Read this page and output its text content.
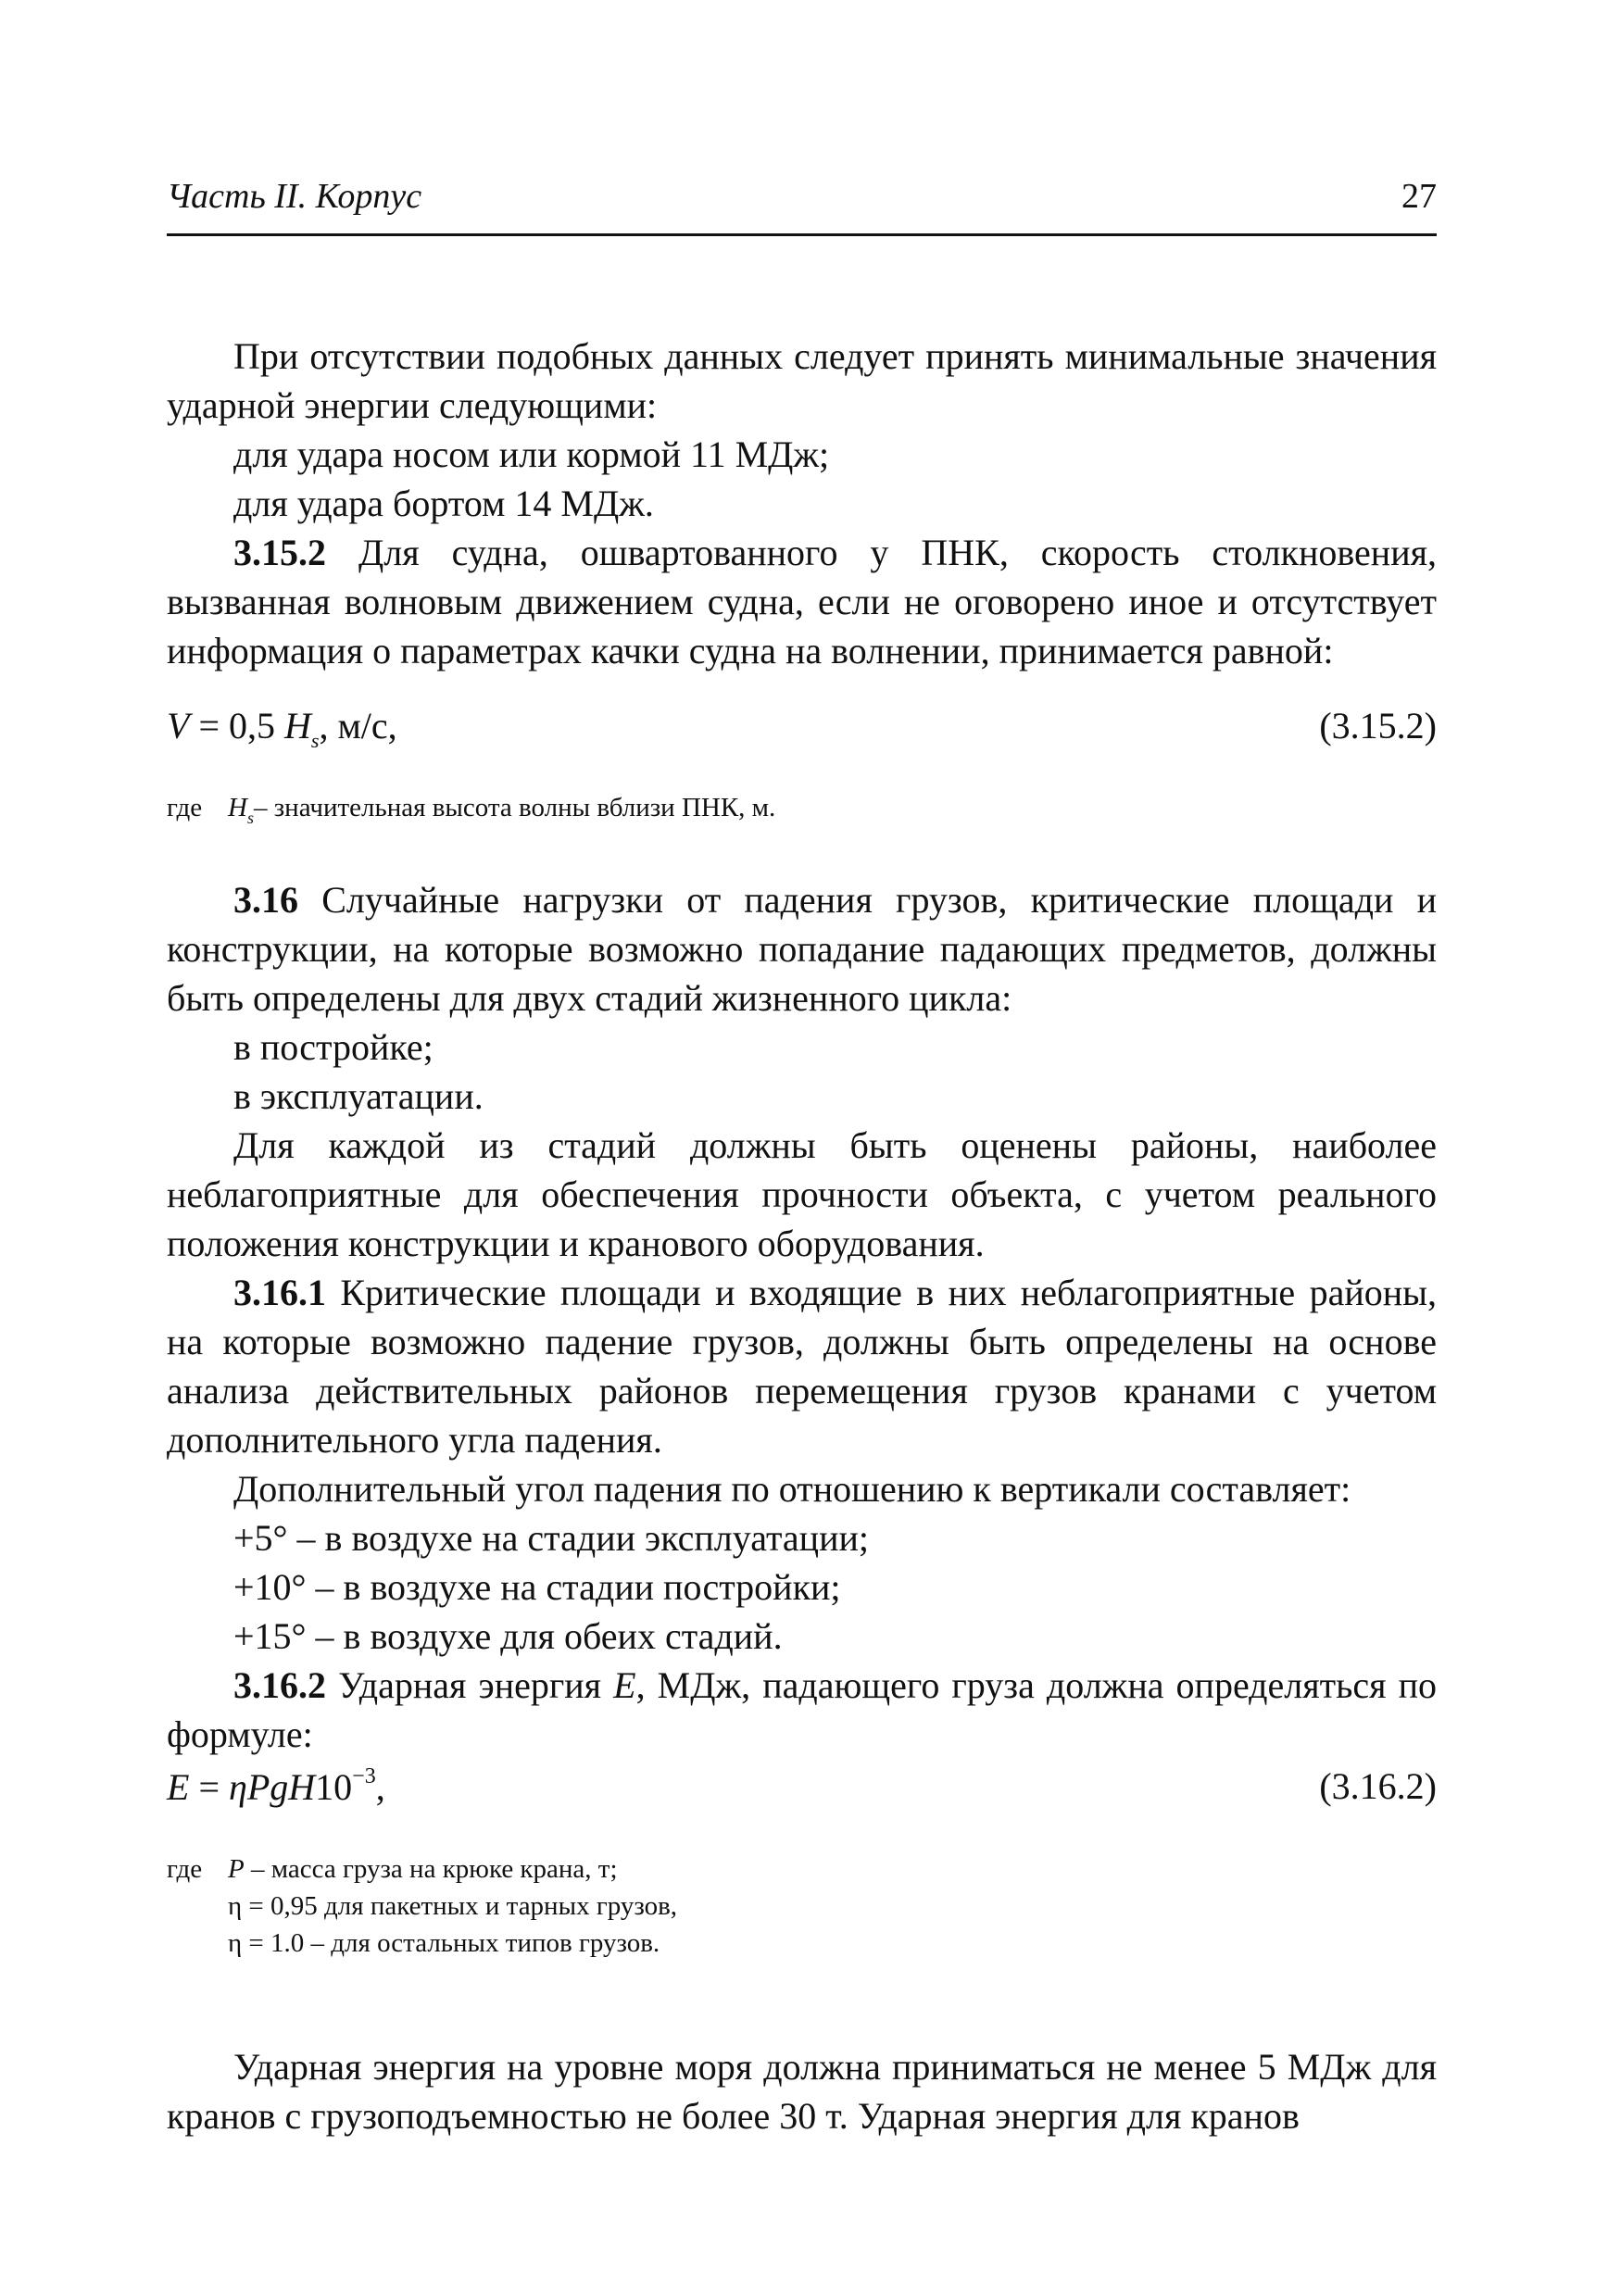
Часть II. Корпус	27

При отсутствии подобных данных следует принять минимальные значения ударной энергии следующими:

для удара носом или кормой 11 МДж;

для удара бортом 14 МДж.

3.15.2 Для судна, ошвартованного у ПНК, скорость столкновения, вызванная волновым движением судна, если не оговорено иное и отсутствует информация о параметрах качки судна на волнении, принимается равной:

V = 0,5 $H_s$, м/с,	(3.15.2)
где $H_s-$ значительная высота волны вблизи ПНК, м.

3.16 Случайные нагрузки от падения грузов, критические площади и конструкции, на которые возможно попадание падающих предметов, должны быть определены для двух стадий жизненного цикла:

в постройке;

в эксплуатации.

Для каждой из стадий должны быть оценены районы, наиболее неблагоприятные для обеспечения прочности объекта, с учетом реального положения конструкции и кранового оборудования.

3.16.1 Критические площади и входящие в них неблагоприятные районы, на которые возможно падение грузов, должны быть определены на основе анализа действительных районов перемещения грузов кранами с учетом дополнительного угла падения.

Дополнительный угол падения по отношению к вертикали составляет:

+5° – в воздухе на стадии эксплуатации;

+10° – в воздухе на стадии постройки;

+15° – в воздухе для обеих стадий.

3.16.2 Ударная энергия E, МДж, падающего груза должна определяться по формуле:

$E = \eta PgH10^{-3}$,	(3.16.2)
где P – масса груза на крюке крана, т;
η = 0,95 для пакетных и тарных грузов,
η = 1.0 – для остальных типов грузов.

Ударная энергия на уровне моря должна приниматься не менее 5 МДж для кранов с грузоподъемностью не более 30 т. Ударная энергия для кранов
